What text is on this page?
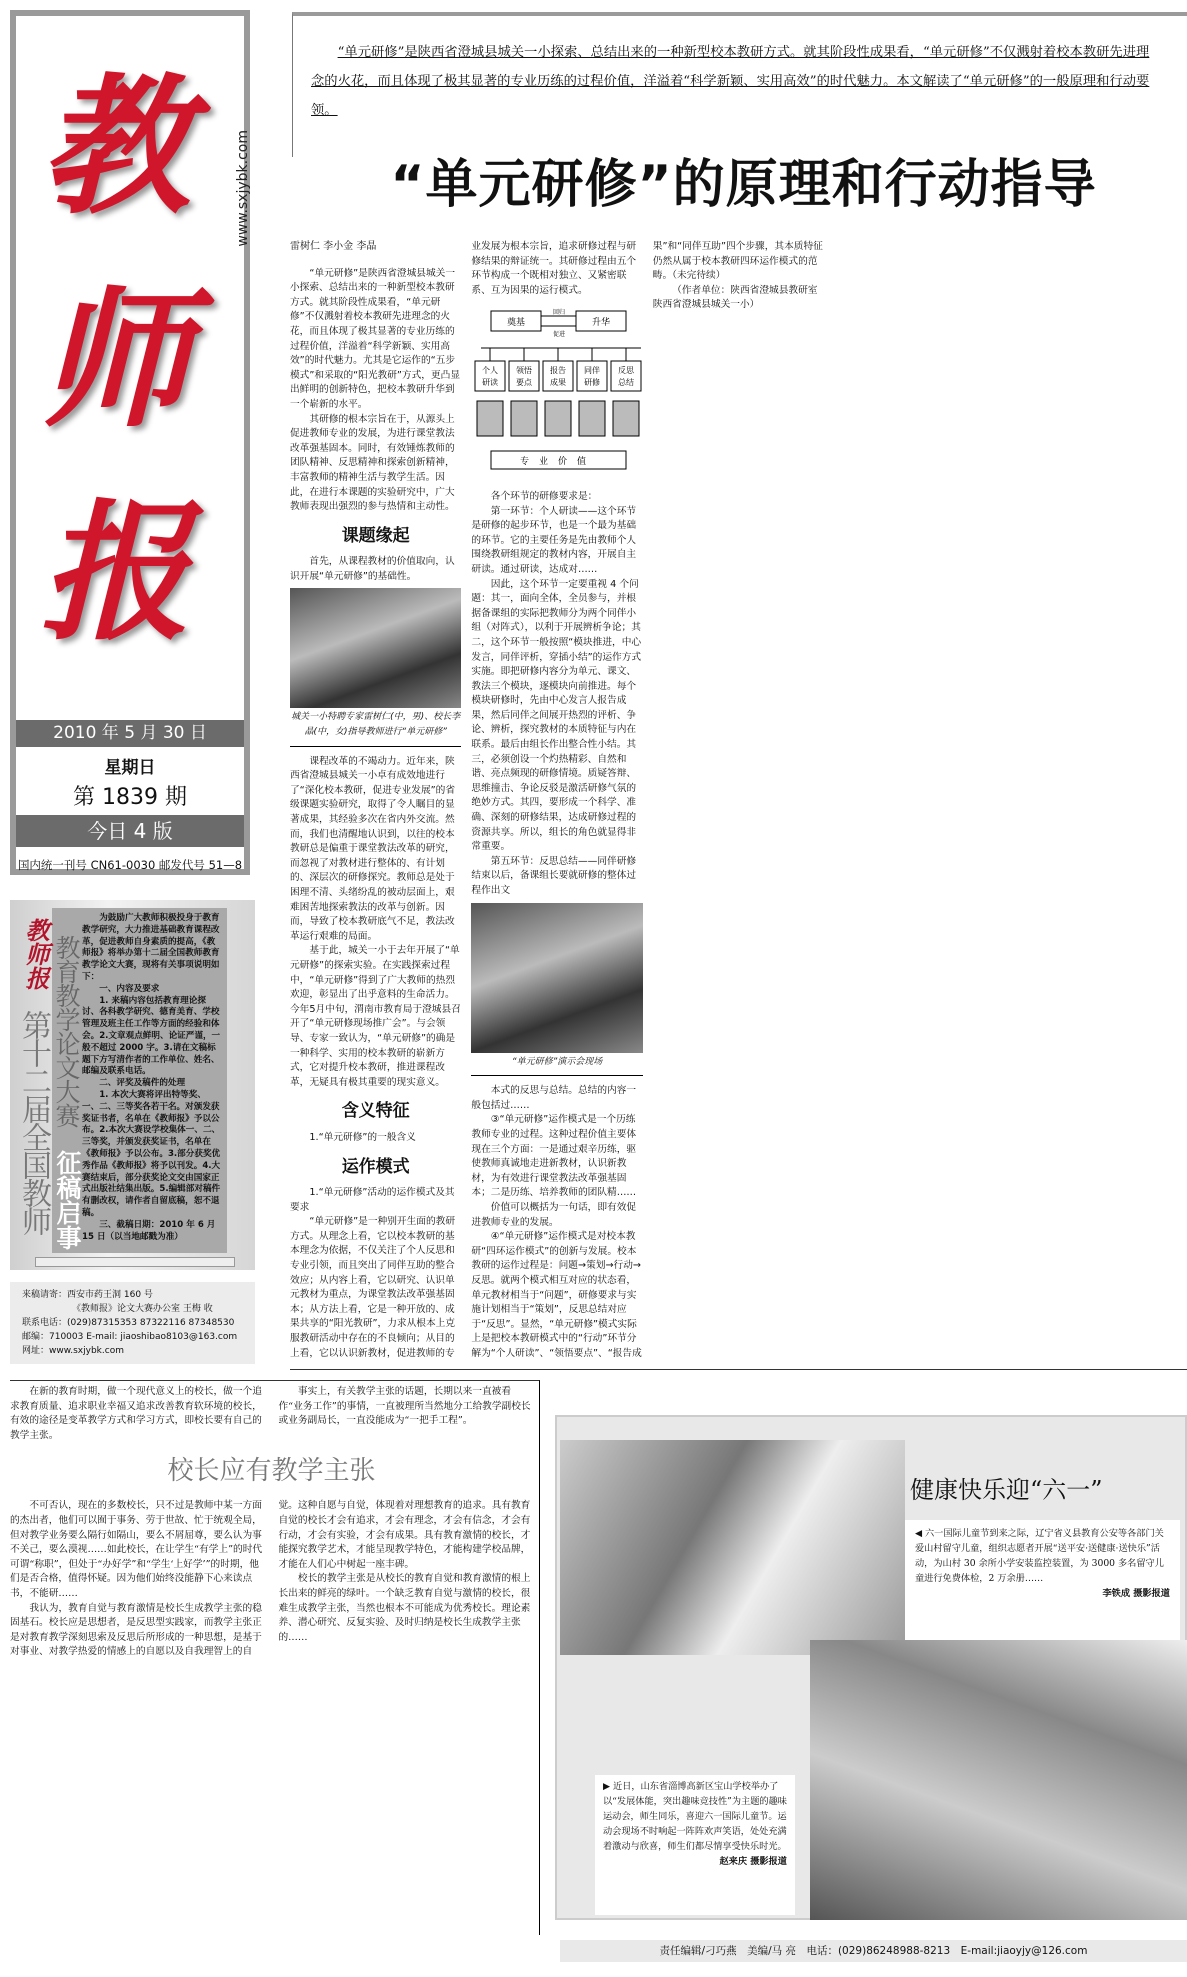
教
师
报
www.sxjybk.com
2010 年 5 月 30 日
星期日
第 1839 期
今日 4 版
国内统一刊号 CN61-0030 邮发代号 51—8
教师报
第十二届全国教师 教育教学论文大赛
征稿启事

为鼓励广大教师积极投身于教育教学研究，大力推进基础教育课程改革，促进教师自身素质的提高，《教师报》将举办第十二届全国教师教育教学论文大赛，现将有关事项说明如下：

一、内容及要求

1. 来稿内容包括教育理论探讨、各科教学研究、德育美育、学校管理及班主任工作等方面的经验和体会。2.文章观点鲜明、论证严谨，一般不超过 2000 字。3.请在文稿标题下方写清作者的工作单位、姓名、邮编及联系电话。

二、评奖及稿件的处理

1. 本次大赛将评出特等奖、一、二、三等奖各若干名。对颁发获奖证书者，名单在《教师报》予以公布。2.本次大赛设学校集体一、二、三等奖，并颁发获奖证书，名单在《教师报》予以公布。3.部分获奖优秀作品《教师报》将予以刊发。4.大赛结束后，部分获奖论文交由国家正式出版社结集出版。5.编辑部对稿件有删改权，请作者自留底稿，恕不退稿。

三、截稿日期：2010 年 6 月 15 日（以当地邮戳为准）

来稿请寄：西安市药王洞 160 号
《教师报》论文大赛办公室 王梅 收
联系电话：(029)87315353 87322116 87348530
邮编：710003 E-mail: jiaoshibao8103@163.com
网址：www.sxjybk.com

“单元研修”是陕西省澄城县城关一小探索、总结出来的一种新型校本教研方式。就其阶段性成果看，“单元研修”不仅溅射着校本教研先进理念的火花，而且体现了极其显著的专业历练的过程价值，洋溢着“科学新颖、实用高效”的时代魅力。本文解读了“单元研修”的一般原理和行动要领。

“单元研修”的原理和行动指导
雷树仁 李小金 李晶

“单元研修”是陕西省澄城县城关一小探索、总结出来的一种新型校本教研方式。就其阶段性成果看，“单元研修”不仅溅射着校本教研先进理念的火花，而且体现了极其显著的专业历练的过程价值，洋溢着“科学新颖、实用高效”的时代魅力。尤其是它运作的“五步模式”和采取的“阳光教研”方式，更凸显出鲜明的创新特色，把校本教研升华到一个崭新的水平。

其研修的根本宗旨在于，从源头上促进教师专业的发展，为进行课堂教法改革强基固本。同时，有效锤炼教师的团队精神、反思精神和探索创新精神，丰富教师的精神生活与教学生活。因此，在进行本课题的实验研究中，广大教师表现出强烈的参与热情和主动性。

课题缘起

首先，从课程教材的价值取向，认识开展“单元研修”的基础性。

城关一小特聘专家雷树仁(中，男)、校长李晶(中，女)指导教师进行“单元研修”

课程改革的不竭动力。近年来，陕西省澄城县城关一小卓有成效地进行了“深化校本教研，促进专业发展”的省级课题实验研究，取得了令人瞩目的显著成果，其经验多次在省内外交流。然而，我们也清醒地认识到，以往的校本教研总是偏重于课堂教法改革的研究，而忽视了对教材进行整体的、有计划的、深层次的研修探究。教师总是处于困理不清、头绪纷乱的被动层面上，艰难困苦地探索教法的改革与创新。因而，导致了校本教研底气不足，教法改革运行艰难的局面。

基于此，城关一小于去年开展了“单元研修”的探索实验。在实践探索过程中，“单元研修”得到了广大教师的热烈欢迎，彰显出了出乎意料的生命活力。今年5月中旬，渭南市教育局于澄城县召开了“单元研修现场推广会”。与会领导、专家一致认为，“单元研修”的确是一种科学、实用的校本教研的崭新方式，它对提升校本教研，推进课程改革，无疑具有极其重要的现实意义。

含义特征

1.“单元研修”的一般含义

运作模式

1.“单元研修”活动的运作模式及其要求

“单元研修”是一种别开生面的教研方式。从理念上看，它以校本教研的基本理念为依据，不仅关注了个人反思和专业引领，而且突出了同伴互助的整合效应；从内容上看，它以研究、认识单元教材为重点，为课堂教法改革强基固本；从方法上看，它是一种开放的、成果共享的“阳光教研”，力求从根本上克服教研活动中存在的不良倾向；从目的上看，它以认识新教材，促进教师的专业发展为根本宗旨，追求研修过程与研修结果的辩证统一。其研修过程由五个环节构成一个既相对独立、又紧密联系、互为因果的运行模式。

奠基	升华
回归
促进
个人
研读
领悟
要点
报告
成果
同伴
研修
反思
总结
专业价值

各个环节的研修要求是：

第一环节：个人研读——这个环节是研修的起步环节，也是一个最为基础的环节。它的主要任务是先由教师个人围绕教研组规定的教材内容，开展自主研读。通过研读，达成对……

因此，这个环节一定要重视 4 个问题：其一，面向全体，全员参与，并根据备课组的实际把教师分为两个同伴小组（对阵式），以利于开展辨析争论；其二，这个环节一般按照“模块推进，中心发言，同伴评析，穿插小结”的运作方式实施。即把研修内容分为单元、课文、教法三个模块，逐模块向前推进。每个模块研修时，先由中心发言人报告成果，然后同伴之间展开热烈的评析、争论、辨析，探究教材的本质特征与内在联系。最后由组长作出整合性小结。其三，必须创设一个灼热精彩、自然和谐、亮点频现的研修情境。质疑答辩、思维撞击、争论反驳是激活研修气氛的绝妙方式。其四，要形成一个科学、准确、深刻的研修结果，达成研修过程的资源共享。所以，组长的角色就显得非常重要。

第五环节：反思总结——同伴研修结束以后，备课组长要就研修的整体过程作出文

“单元研修”演示会现场

本式的反思与总结。总结的内容一般包括过……

③“单元研修”运作模式是一个历练教师专业的过程。这种过程价值主要体现在三个方面：一是通过艰辛历练，驱使教师真诚地走进新教材，认识新教材，为有效进行课堂教法改革强基固本；二是历练、培养教师的团队精……

价值可以概括为一句话，即有效促进教师专业的发展。

④“单元研修”运作模式是对校本教研“四环运作模式”的创新与发展。校本教研的运作过程是：问题→策划→行动→反思。就两个模式相互对应的状态看，单元教材相当于“问题”，研修要求与实施计划相当于“策划”，反思总结对应于“反思”。显然，“单元研修”模式实际上是把校本教研模式中的“行动”环节分解为“个人研读”、“领悟要点”、“报告成果”和“同伴互助”四个步骤，其本质特征仍然从属于校本教研四环运作模式的范畴。（未完待续）

（作者单位：陕西省澄城县教研室 陕西省澄城县城关一小）

在新的教育时期，做一个现代意义上的校长，做一个追求教育质量、追求职业幸福又追求改善教育软环境的校长，有效的途径是变革教学方式和学习方式，即校长要有自己的教学主张。

事实上，有关教学主张的话题，长期以来一直被看作“业务工作”的事情，一直被理所当然地分工给教学副校长或业务副局长，一直没能成为“一把手工程”。

校长应有教学主张

不可否认，现在的多数校长，只不过是教师中某一方面的杰出者，他们可以囿于事务、劳于世故、忙于统观全局，但对教学业务要么隔行如隔山，要么不屑屈尊，要么认为事不关己，要么漠视……如此校长，在让学生“有学上”的时代可谓“称职”，但处于“办好学”和“学生‘上好学’”的时期，他们是否合格，值得怀疑。因为他们始终没能静下心来读点书，不能研……

我认为，教育自觉与教育激情是校长生成教学主张的稳固基石。校长应是思想者，是反思型实践家，而教学主张正是对教育教学深刻思索及反思后所形成的一种思想，是基于对事业、对教学热爱的情感上的自愿以及自我理智上的自觉。这种自愿与自觉，体现着对理想教育的追求。具有教育自觉的校长才会有追求，才会有理念，才会有信念，才会有行动，才会有实验，才会有成果。具有教育激情的校长，才能探究教学艺术，才能呈现教学特色，才能构建学校品牌，才能在人们心中树起一座丰碑。

校长的教学主张是从校长的教育自觉和教育激情的根上长出来的鲜亮的绿叶。一个缺乏教育自觉与激情的校长，很难生成教学主张，当然也根本不可能成为优秀校长。理论素养、潜心研究、反复实验、及时归纳是校长生成教学主张的……

健康快乐迎“六一”
◀ 六一国际儿童节到来之际，辽宁省义县教育公安等各部门关爱山村留守儿童，组织志愿者开展“送平安·送健康·送快乐”活动，为山村 30 余所小学安装监控装置，为 3000 多名留守儿童进行免费体检，2 万余册……
李铁成 摄影报道
▶ 近日，山东省淄博高新区宝山学校举办了以“发展体能，突出趣味竞技性”为主题的趣味运动会，师生同乐，喜迎六一国际儿童节。运动会现场不时响起一阵阵欢声笑语，处处充满着激动与欣喜，师生们都尽情享受快乐时光。
赵来庆 摄影报道
责任编辑/刁巧燕　美编/马 亮　电话：(029)86248988-8213　E-mail:jiaoyjy@126.com
